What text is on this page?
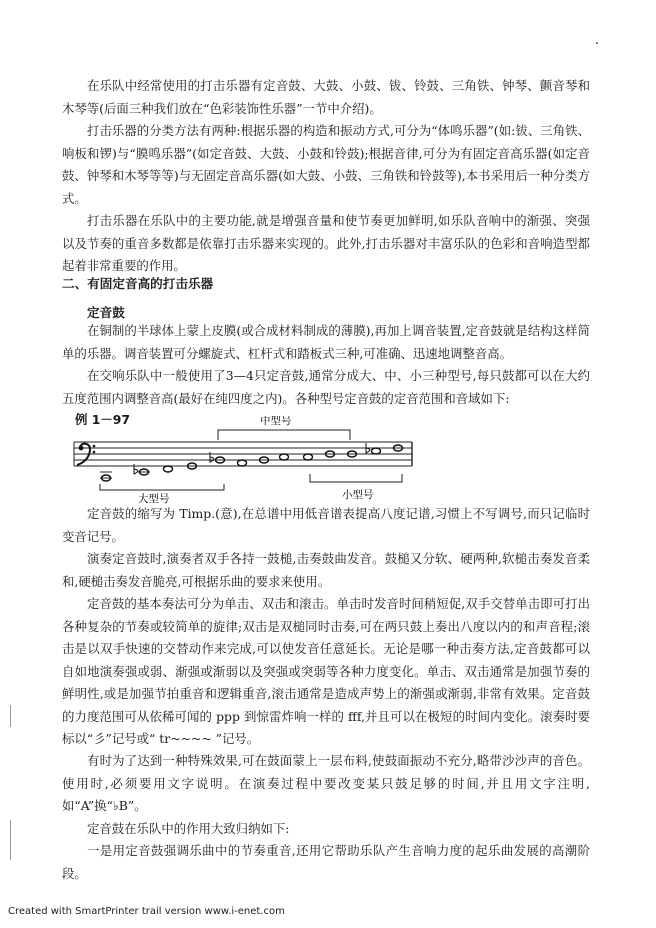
在乐队中经常使用的打击乐器有定音鼓、大鼓、小鼓、钹、铃鼓、三角铁、钟琴、颤音琴和木琴等(后面三种我们放在“色彩装饰性乐器”一节中介绍)。

打击乐器的分类方法有两种:根据乐器的构造和振动方式,可分为“体鸣乐器”(如:钹、三角铁、响板和锣)与“膜鸣乐器”(如定音鼓、大鼓、小鼓和铃鼓);根据音律,可分为有固定音高乐器(如定音鼓、钟琴和木琴等等)与无固定音高乐器(如大鼓、小鼓、三角铁和铃鼓等),本书采用后一种分类方式。

打击乐器在乐队中的主要功能,就是增强音量和使节奏更加鲜明,如乐队音响中的渐强、突强以及节奏的重音多数都是依靠打击乐器来实现的。此外,打击乐器对丰富乐队的色彩和音响造型都起着非常重要的作用。

二、有固定音高的打击乐器
定音鼓

在铜制的半球体上蒙上皮膜(或合成材料制成的薄膜),再加上调音装置,定音鼓就是结构这样简单的乐器。调音装置可分螺旋式、杠杆式和踏板式三种,可准确、迅速地调整音高。

在交响乐队中一般使用了3—4只定音鼓,通常分成大、中、小三种型号,每只鼓都可以在大约五度范围内调整音高(最好在纯四度之内)。各种型号定音鼓的定音范围和音域如下:

例 1－97	中型号
大型号	小型号

定音鼓的缩写为 Timp.(意),在总谱中用低音谱表提高八度记谱,习惯上不写调号,而只记临时变音记号。

演奏定音鼓时,演奏者双手各持一鼓槌,击奏鼓曲发音。鼓槌又分软、硬两种,软槌击奏发音柔和,硬槌击奏发音脆亮,可根据乐曲的要求来使用。

定音鼓的基本奏法可分为单击、双击和滚击。单击时发音时间稍短促,双手交替单击即可打出各种复杂的节奏或较简单的旋律;双击是双槌同时击奏,可在两只鼓上奏出八度以内的和声音程;滚击是以双手快速的交替动作来完成,可以使发音任意延长。无论是哪一种击奏方法,定音鼓都可以自如地演奏强或弱、渐强或渐弱以及突强或突弱等各种力度变化。单击、双击通常是加强节奏的鲜明性,或是加强节拍重音和逻辑重音,滚击通常是造成声势上的渐强或渐弱,非常有效果。定音鼓的力度范围可从依稀可闻的 ppp 到惊雷炸响一样的 fff,并且可以在极短的时间内变化。滚奏时要标以“彡”记号或“ tr~~~~ ”记号。

有时为了达到一种特殊效果,可在鼓面蒙上一层布料,使鼓面振动不充分,略带沙沙声的音色。使用时,必须要用文字说明。在演奏过程中要改变某只鼓足够的时间,并且用文字注明,如“A”换“♭B”。

定音鼓在乐队中的作用大致归纳如下:

一是用定音鼓强调乐曲中的节奏重音,还用它帮助乐队产生音响力度的起乐曲发展的高潮阶段。

Created with SmartPrinter trail version www.i-enet.com
